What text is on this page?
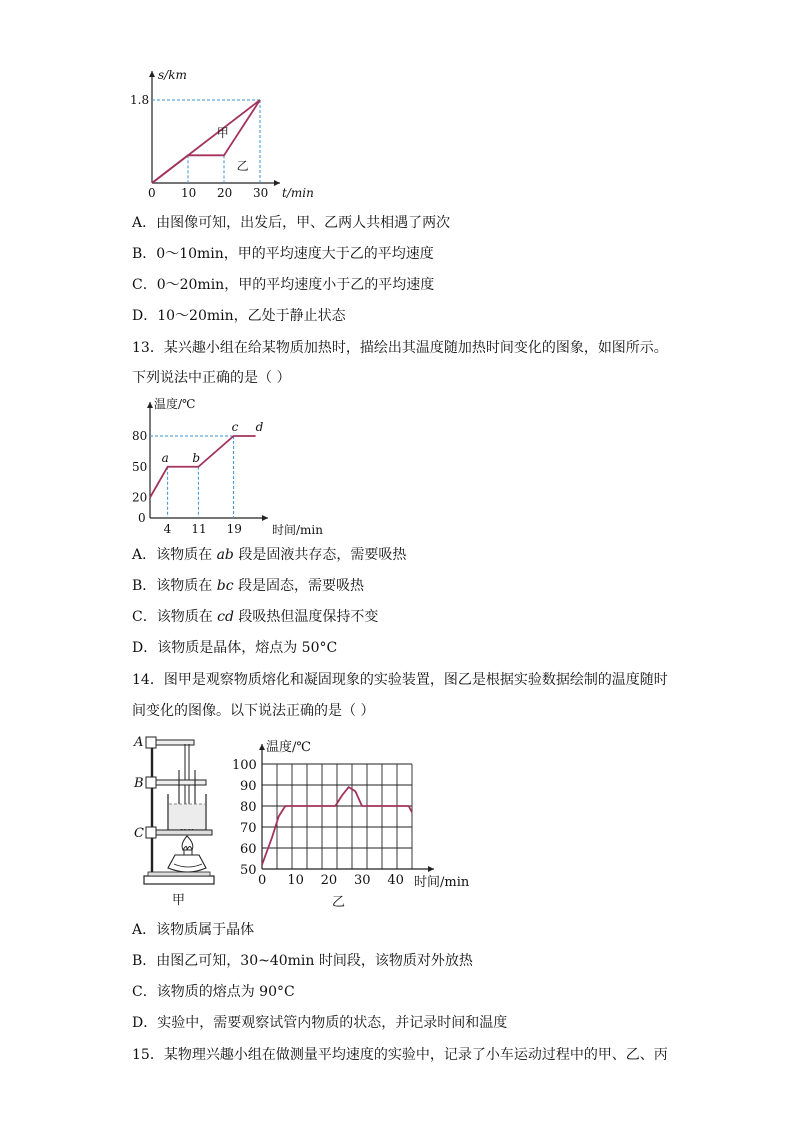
甲
乙
0 10 20 30
1.8
t/min
s/km
A．由图像可知，出发后，甲、乙两人共相遇了两次
B．0～10min，甲的平均速度大于乙的平均速度
C．0～20min，甲的平均速度小于乙的平均速度
D．10～20min，乙处于静止状态
13．某兴趣小组在给某物质加热时，描绘出其温度随加热时间变化的图象，如图所示。
下列说法中正确的是（ ）
a b
c d
4 11 19
80
50
20
0
时间/min
温度/℃
A．该物质在 ab 段是固液共存态，需要吸热
B．该物质在 bc 段是固态，需要吸热
C．该物质在 cd 段吸热但温度保持不变
D．该物质是晶体，熔点为 50°C
14．图甲是观察物质熔化和凝固现象的实验装置，图乙是根据实验数据绘制的温度随时
间变化的图像。以下说法正确的是（ ）
A
B
C
甲
0 10 20 30 40
100
90
80
70
60
50
时间/min
温度/℃
乙
A．该物质属于晶体
B．由图乙可知，30~40min 时间段，该物质对外放热
C．该物质的熔点为 90°C
D．实验中，需要观察试管内物质的状态，并记录时间和温度
15．某物理兴趣小组在做测量平均速度的实验中，记录了小车运动过程中的甲、乙、丙
